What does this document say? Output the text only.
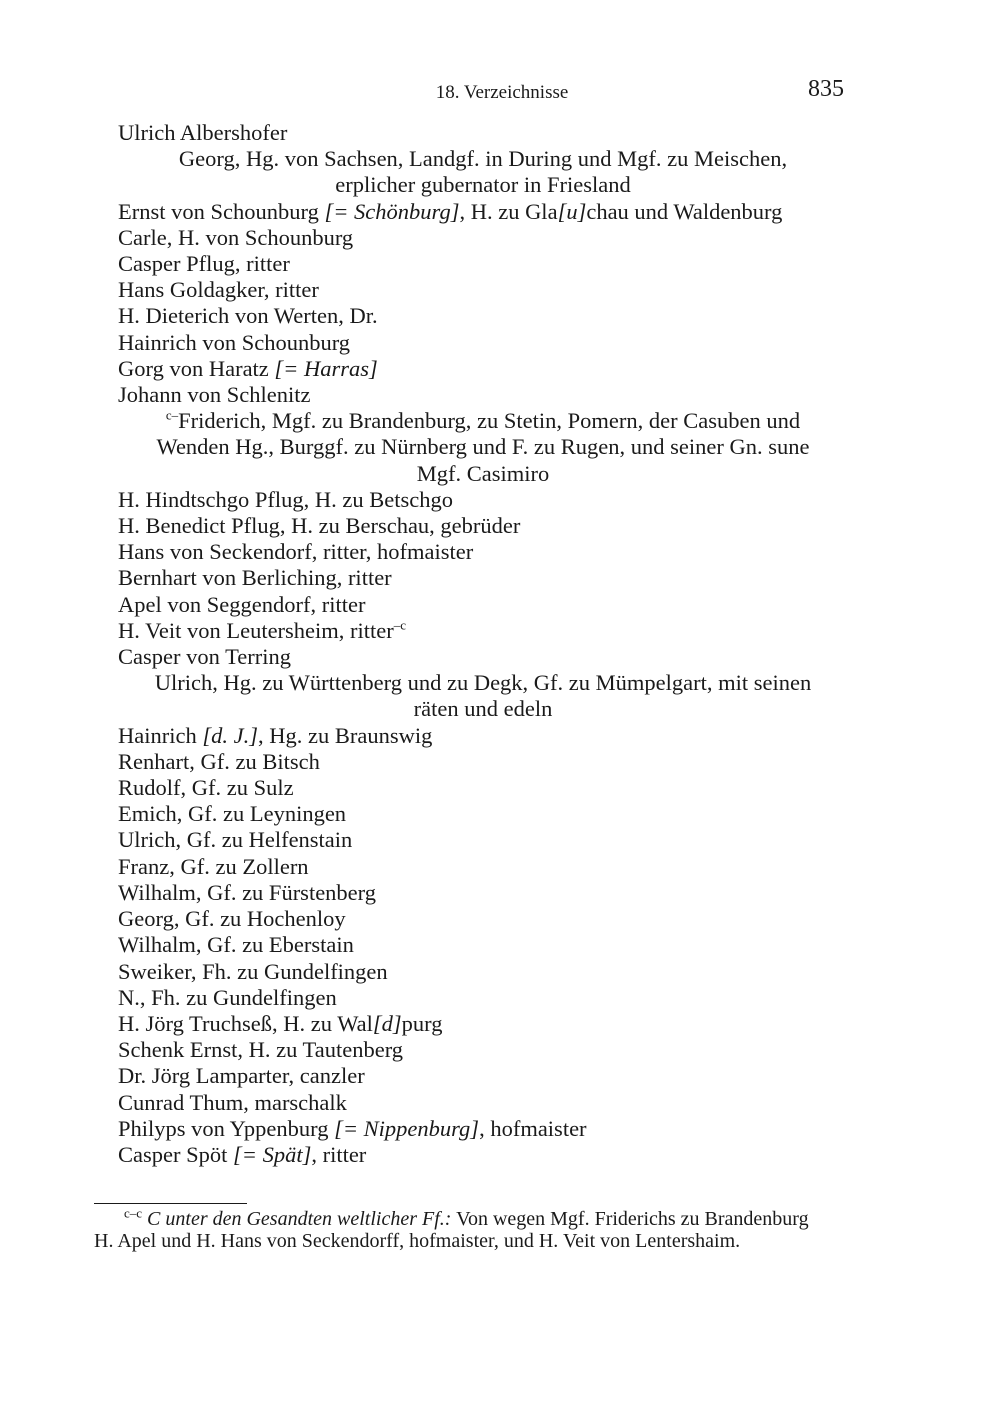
18. Verzeichnisse	835
Ulrich Albershofer
Georg, Hg. von Sachsen, Landgf. in During und Mgf. zu Meischen,
erplicher gubernator in Friesland
Ernst von Schounburg [= Schönburg], H. zu Gla[u]chau und Waldenburg
Carle, H. von Schounburg
Casper Pflug, ritter
Hans Goldagker, ritter
H. Dieterich von Werten, Dr.
Hainrich von Schounburg
Gorg von Haratz [= Harras]
Johann von Schlenitz
$^{c-}$Friderich, Mgf. zu Brandenburg, zu Stetin, Pomern, der Casuben und
Wenden Hg., Burggf. zu Nürnberg und F. zu Rugen, und seiner Gn. sune
Mgf. Casimiro
H. Hindtschgo Pflug, H. zu Betschgo
H. Benedict Pflug, H. zu Berschau, gebrüder
Hans von Seckendorf, ritter, hofmaister
Bernhart von Berliching, ritter
Apel von Seggendorf, ritter
H. Veit von Leutersheim, ritter$^{-c}$
Casper von Terring
Ulrich, Hg. zu Württenberg und zu Degk, Gf. zu Mümpelgart, mit seinen
räten und edeln
Hainrich [d. J.], Hg. zu Braunswig
Renhart, Gf. zu Bitsch
Rudolf, Gf. zu Sulz
Emich, Gf. zu Leyningen
Ulrich, Gf. zu Helfenstain
Franz, Gf. zu Zollern
Wilhalm, Gf. zu Fürstenberg
Georg, Gf. zu Hochenloy
Wilhalm, Gf. zu Eberstain
Sweiker, Fh. zu Gundelfingen
N., Fh. zu Gundelfingen
H. Jörg Truchseß, H. zu Wal[d]purg
Schenk Ernst, H. zu Tautenberg
Dr. Jörg Lamparter, canzler
Cunrad Thum, marschalk
Philyps von Yppenburg [= Nippenburg], hofmaister
Casper Spöt [= Spät], ritter
$^{c-c}$ C unter den Gesandten weltlicher Ff.: Von wegen Mgf. Friderichs zu Brandenburg
H. Apel und H. Hans von Seckendorff, hofmaister, und H. Veit von Lentershaim.
